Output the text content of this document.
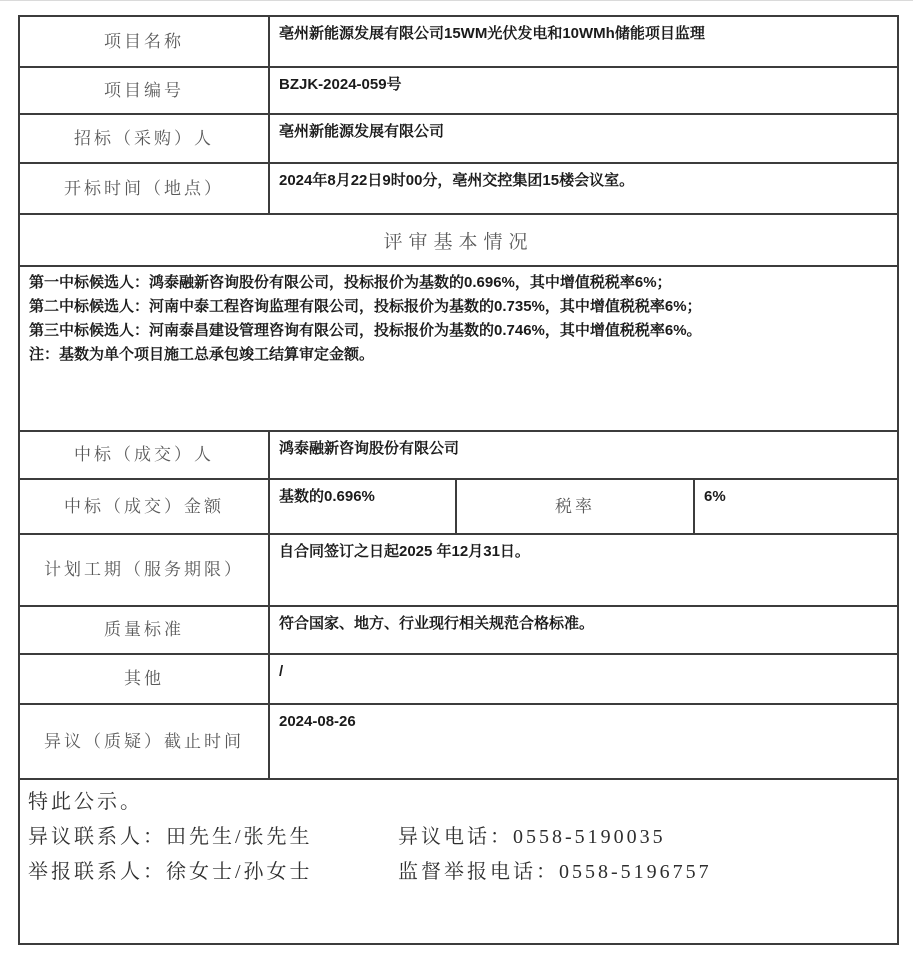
项目名称	亳州新能源发展有限公司15WM光伏发电和10WMh储能项目监理		
项目编号	BZJK-2024-059号		
招标（采购）人	亳州新能源发展有限公司		
开标时间（地点）	2024年8月22日9时00分，亳州交控集团15楼会议室。		
评审基本情况			

第一中标候选人：鸿泰融新咨询股份有限公司，投标报价为基数的0.696%，其中增值税税率6%；
第二中标候选人：河南中泰工程咨询监理有限公司，投标报价为基数的0.735%，其中增值税税率6%；
第三中标候选人：河南泰昌建设管理咨询有限公司，投标报价为基数的0.746%，其中增值税税率6%。
注：基数为单个项目施工总承包竣工结算审定金额。			

中标（成交）人	鸿泰融新咨询股份有限公司		
中标（成交）金额	基数的0.696%	税率	6%
计划工期（服务期限）	自合同签订之日起2025 年12月31日。		
质量标准	符合国家、地方、行业现行相关规范合格标准。		
其他	/		
异议（质疑）截止时间	2024-08-26		

特此公示。
异议联系人：田先生/张先生 异议电话：0558-5190035
举报联系人：徐女士/孙女士 监督举报电话：0558-5196757			
